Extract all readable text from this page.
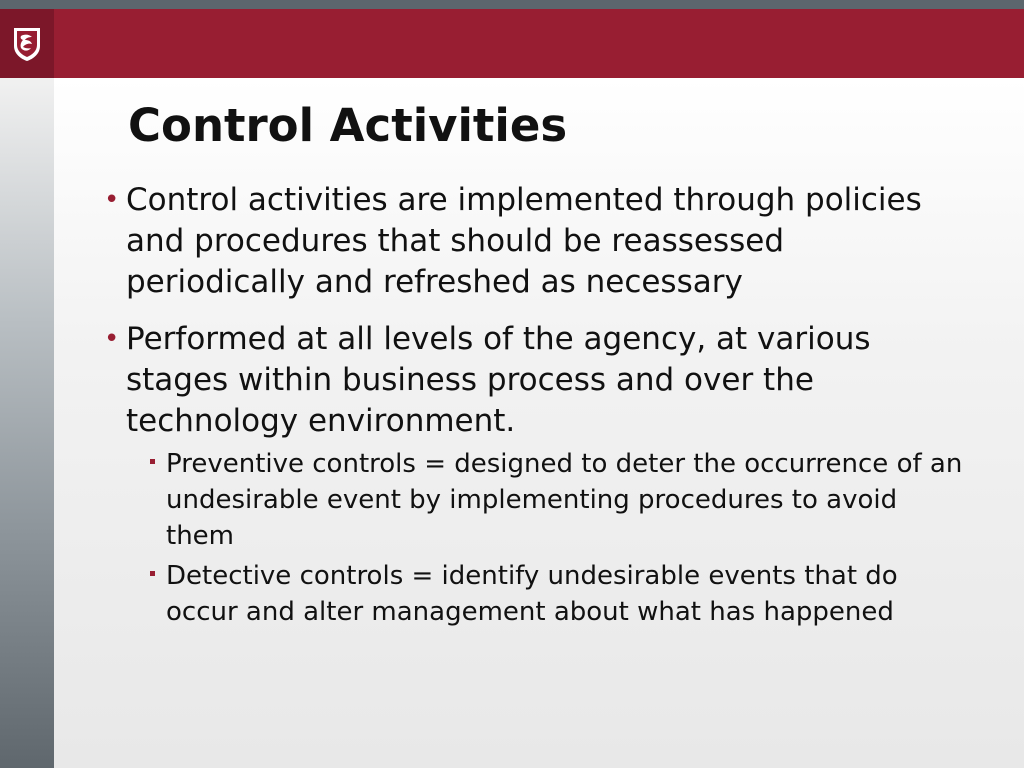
Control Activities
• Control activities are implemented through policies and procedures that should be reassessed periodically and refreshed as necessary
• Performed at all levels of the agency, at various stages within business process and over the technology environment.
Preventive controls = designed to deter the occurrence of an undesirable event by implementing procedures to avoid them
Detective controls = identify undesirable events that do occur and alter management about what has happened
